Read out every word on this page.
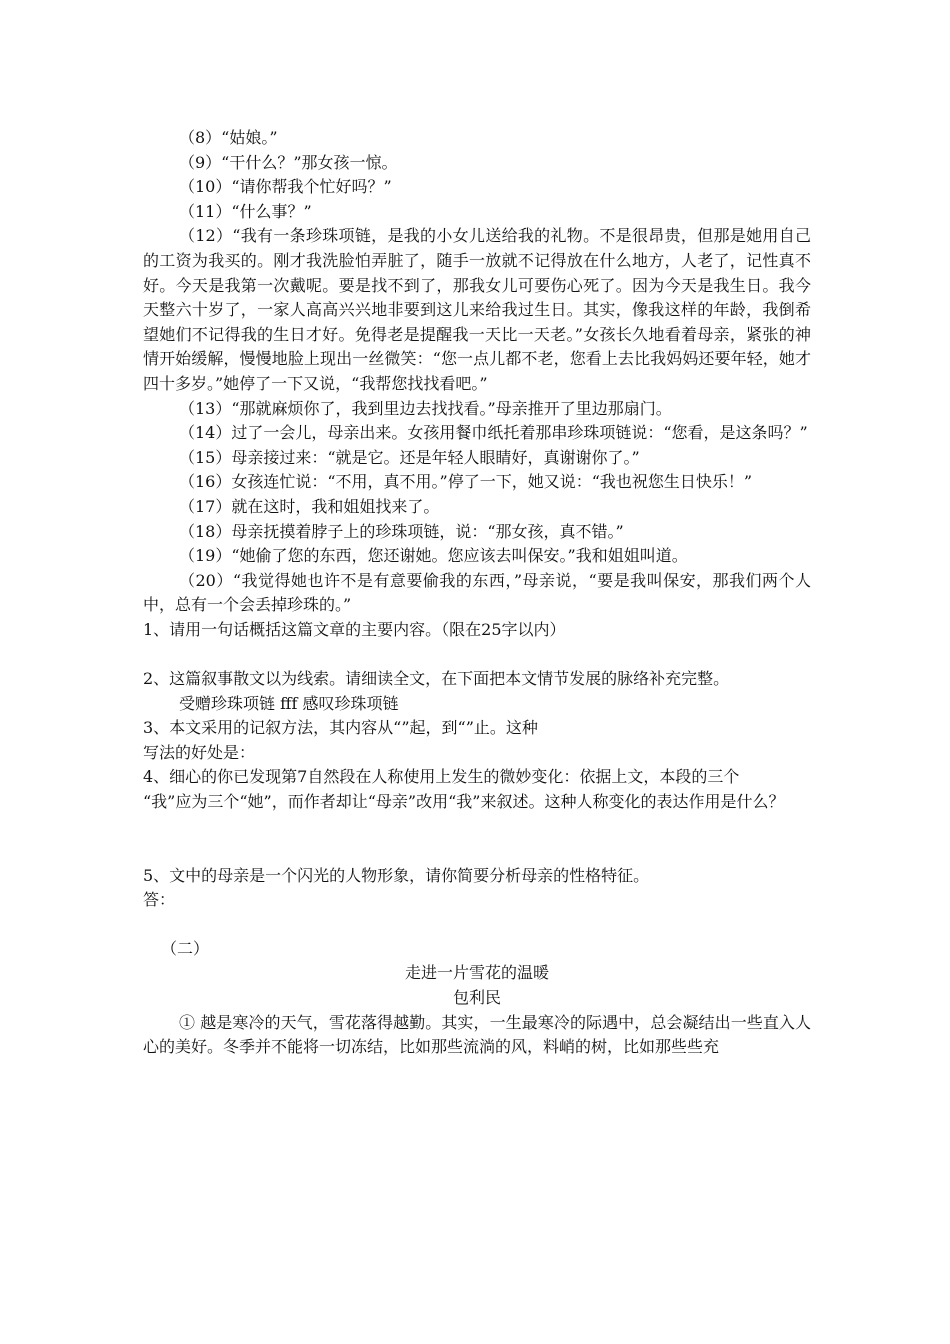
（8）“姑娘。”

（9）“干什么？”那女孩一惊。

（10）“请你帮我个忙好吗？”

（11）“什么事？”

（12）“我有一条珍珠项链，是我的小女儿送给我的礼物。不是很昂贵，但那是她用自己的工资为我买的。刚才我洗脸怕弄脏了，随手一放就不记得放在什么地方，人老了，记性真不好。今天是我第一次戴呢。要是找不到了，那我女儿可要伤心死了。因为今天是我生日。我今天整六十岁了，一家人高高兴兴地非要到这儿来给我过生日。其实，像我这样的年龄，我倒希望她们不记得我的生日才好。免得老是提醒我一天比一天老。”女孩长久地看着母亲，紧张的神情开始缓解，慢慢地脸上现出一丝微笑：“您一点儿都不老，您看上去比我妈妈还要年轻，她才四十多岁。”她停了一下又说，“我帮您找找看吧。”

（13）“那就麻烦你了，我到里边去找找看。”母亲推开了里边那扇门。

（14）过了一会儿，母亲出来。女孩用餐巾纸托着那串珍珠项链说：“您看，是这条吗？”

（15）母亲接过来：“就是它。还是年轻人眼睛好，真谢谢你了。”

（16）女孩连忙说：“不用，真不用。”停了一下，她又说：“我也祝您生日快乐！”

（17）就在这时，我和姐姐找来了。

（18）母亲抚摸着脖子上的珍珠项链，说：“那女孩，真不错。”

（19）“她偷了您的东西，您还谢她。您应该去叫保安。”我和姐姐叫道。

（20）“我觉得她也许不是有意要偷我的东西，”母亲说，“要是我叫保安，那我们两个人中，总有一个会丢掉珍珠的。”

1、请用一句话概括这篇文章的主要内容。（限在25字以内）

2、这篇叙事散文以为线索。请细读全文，在下面把本文情节发展的脉络补充完整。

受赠珍珠项链 fff 感叹珍珠项链

3、本文采用的记叙方法，其内容从“”起，到“”止。这种

写法的好处是：

4、细心的你已发现第7自然段在人称使用上发生的微妙变化：依据上文，本段的三个

“我”应为三个“她”，而作者却让“母亲”改用“我”来叙述。这种人称变化的表达作用是什么？

5、文中的母亲是一个闪光的人物形象，请你简要分析母亲的性格特征。

答：

（二）

走进一片雪花的温暖

包利民

① 越是寒冷的天气，雪花落得越勤。其实，一生最寒冷的际遇中，总会凝结出一些直入人心的美好。冬季并不能将一切冻结，比如那些流淌的风，料峭的树，比如那些些充
